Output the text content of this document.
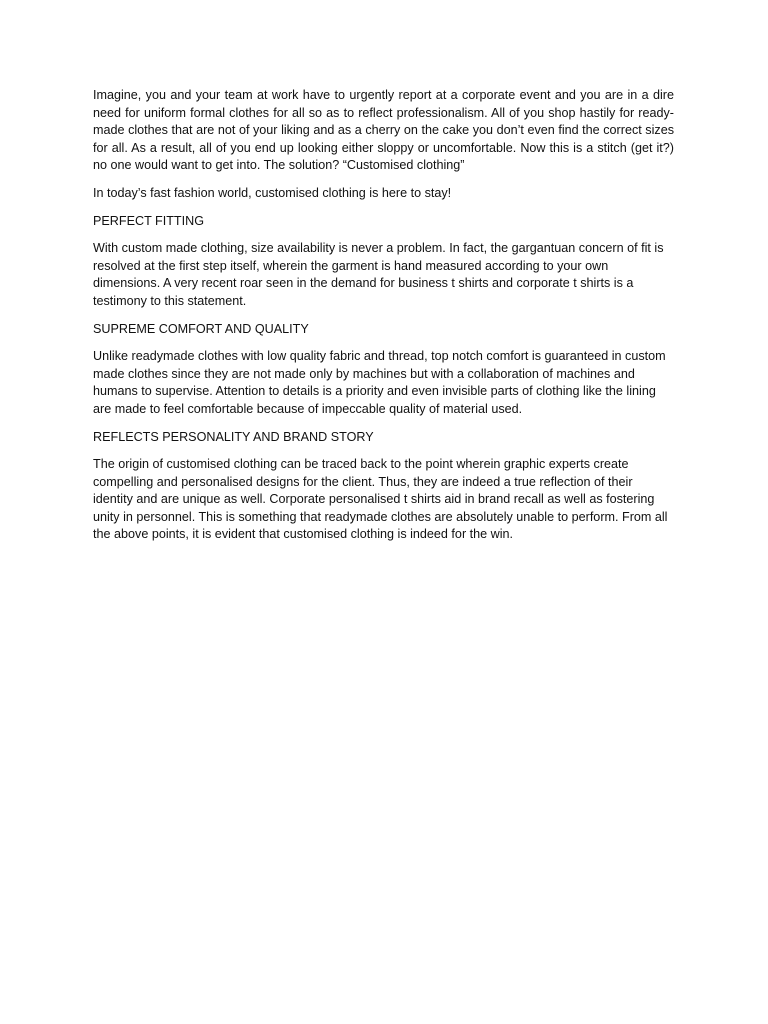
Imagine, you and your team at work have to urgently report at a corporate event and you are in a dire need for uniform formal clothes for all so as to reflect professionalism. All of you shop hastily for ready-made clothes that are not of your liking and as a cherry on the cake you don’t even find the correct sizes for all. As a result, all of you end up looking either sloppy or uncomfortable. Now this is a stitch (get it?) no one would want to get into. The solution? “Customised clothing”

In today’s fast fashion world, customised clothing is here to stay!

PERFECT FITTING

With custom made clothing, size availability is never a problem. In fact, the gargantuan concern of fit is resolved at the first step itself, wherein the garment is hand measured according to your own dimensions. A very recent roar seen in the demand for business t shirts and corporate t shirts is a testimony to this statement.

SUPREME COMFORT AND QUALITY

Unlike readymade clothes with low quality fabric and thread, top notch comfort is guaranteed in custom made clothes since they are not made only by machines but with a collaboration of machines and humans to supervise. Attention to details is a priority and even invisible parts of clothing like the lining are made to feel comfortable because of impeccable quality of material used.

REFLECTS PERSONALITY AND BRAND STORY

The origin of customised clothing can be traced back to the point wherein graphic experts create compelling and personalised designs for the client. Thus, they are indeed a true reflection of their identity and are unique as well. Corporate personalised t shirts aid in brand recall as well as fostering unity in personnel. This is something that readymade clothes are absolutely unable to perform. From all the above points, it is evident that customised clothing is indeed for the win.
